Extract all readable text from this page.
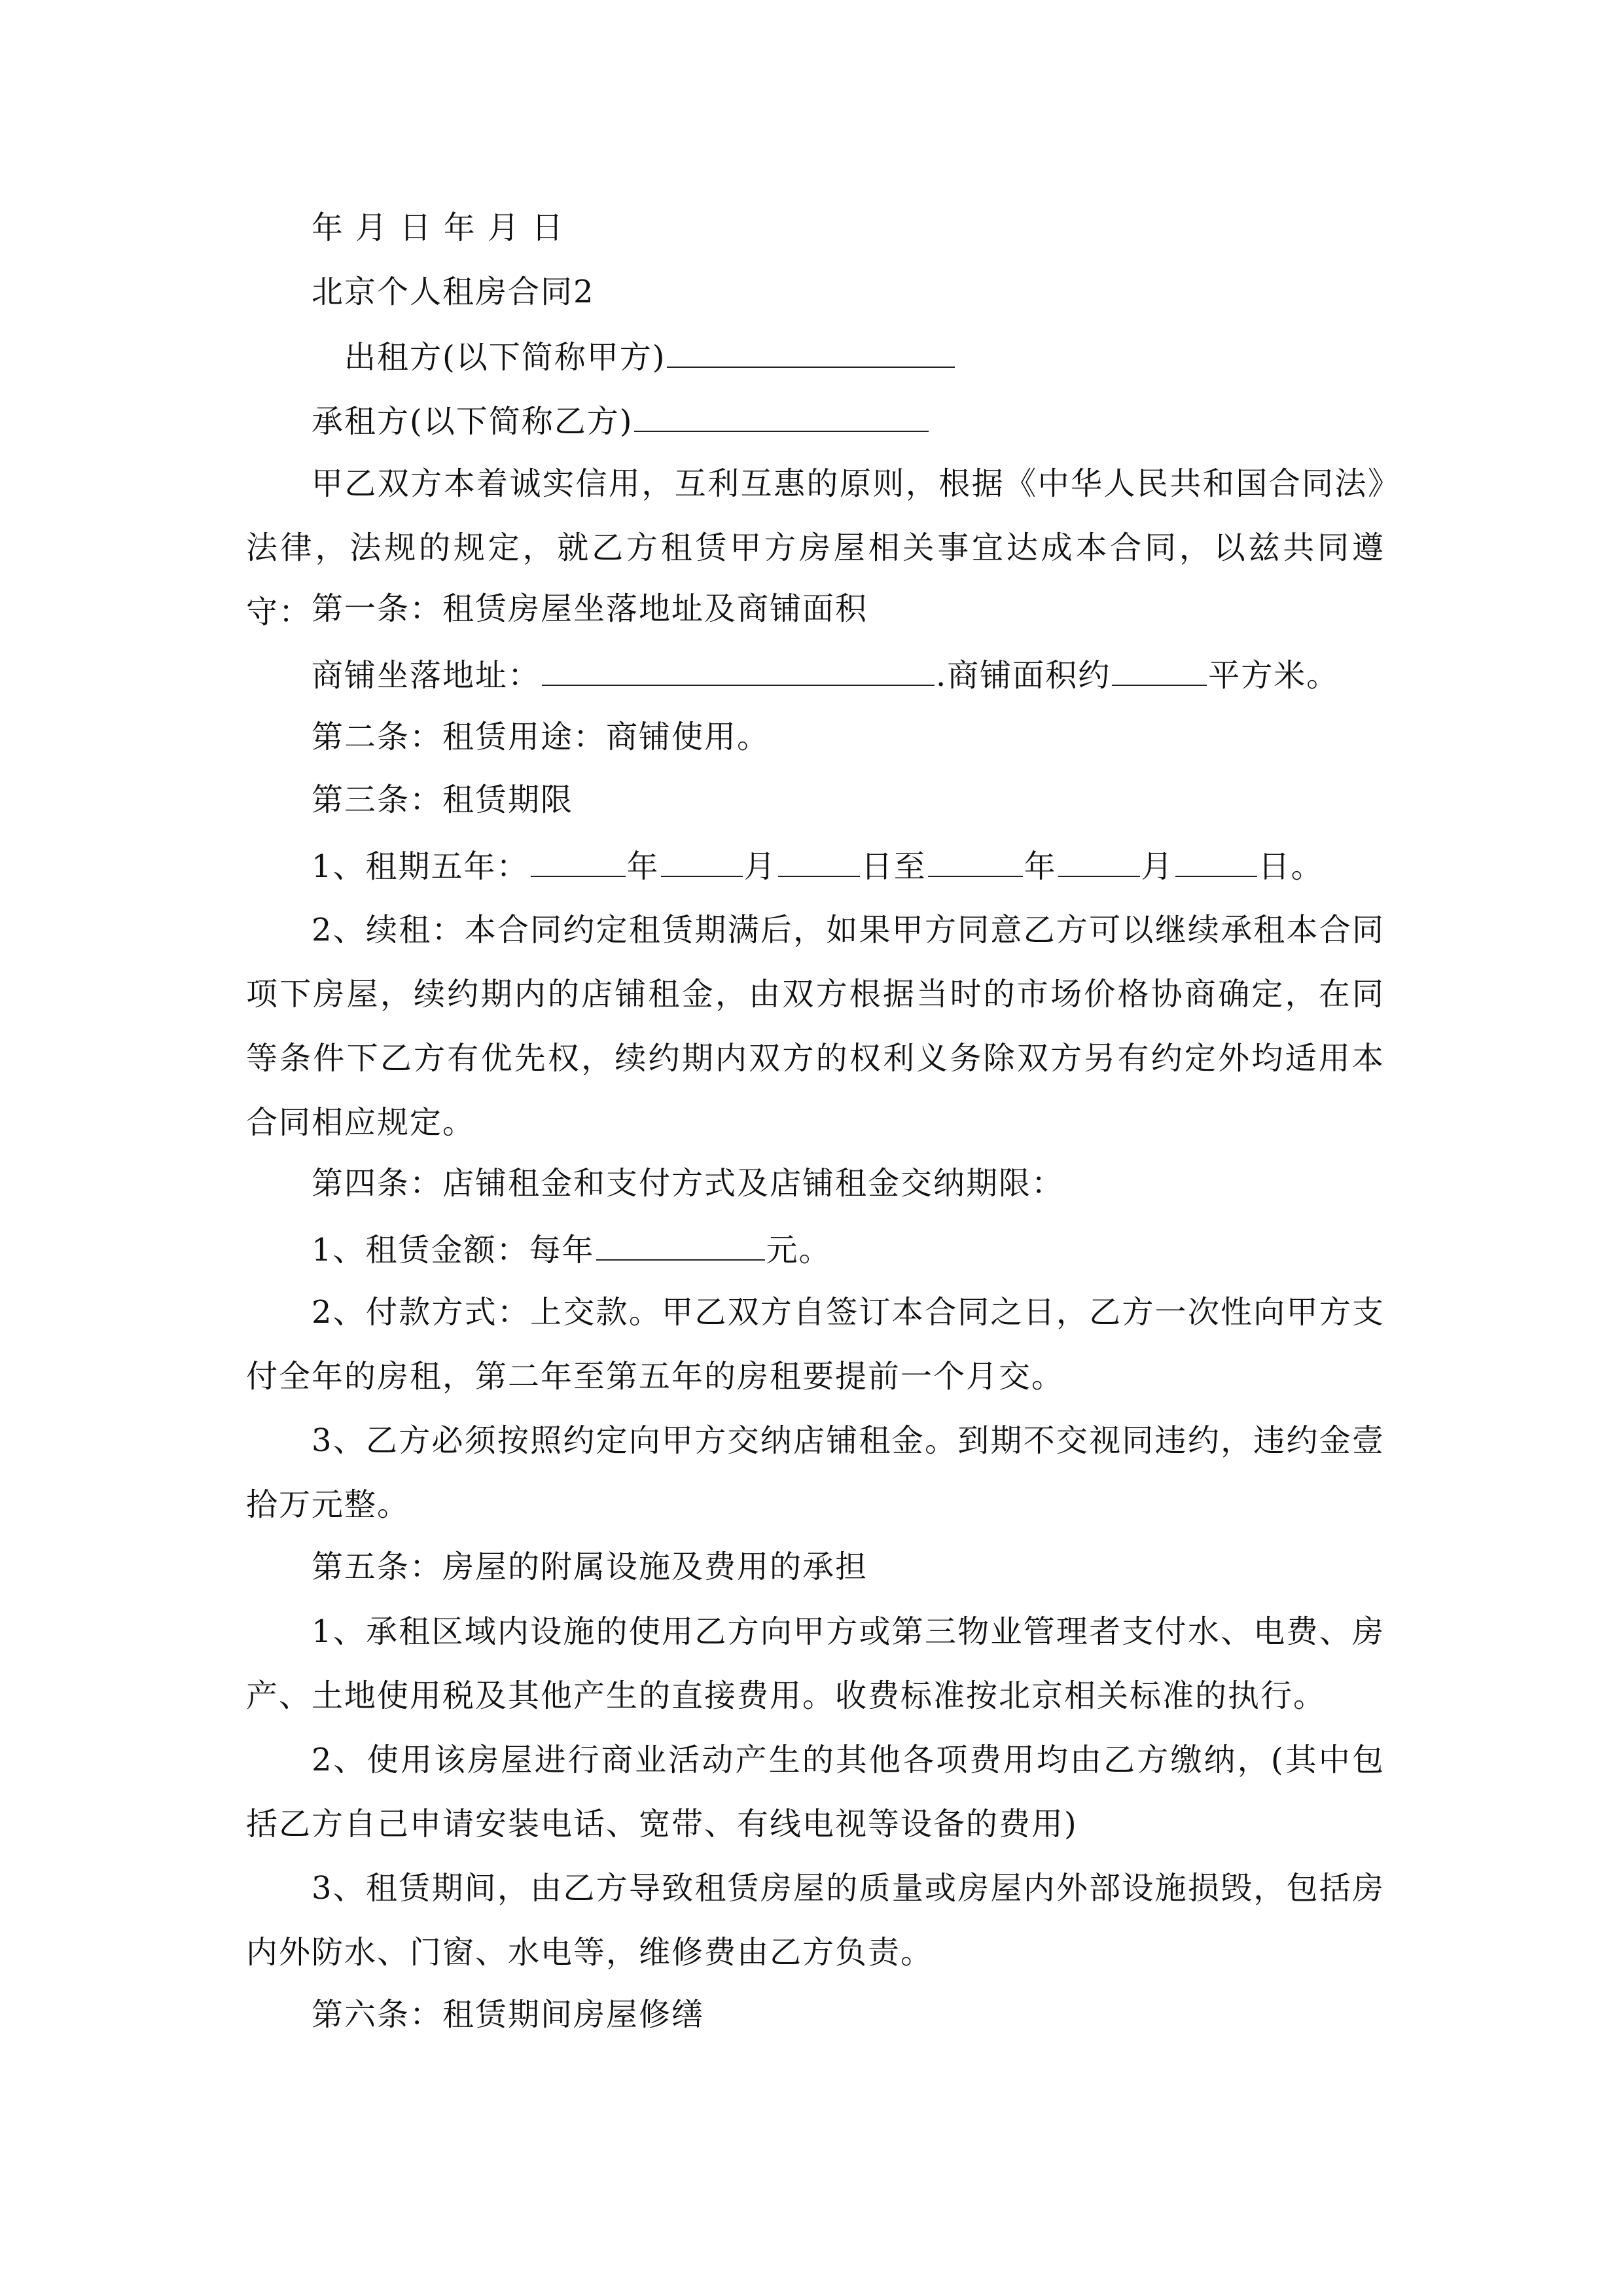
年 月 日 年 月 日
北京个人租房合同2
出租方(以下简称甲方)
承租方(以下简称乙方)
甲乙双方本着诚实信用，互利互惠的原则，根据《中华人民共和国合同法》法律，法规的规定，就乙方租赁甲方房屋相关事宜达成本合同，以兹共同遵守： 第一条：租赁房屋坐落地址及商铺面积
商铺坐落地址：	.商铺面积约	平方米。
第二条：租赁用途：商铺使用。
第三条：租赁期限
1、租期五年：	年	月	日至	年	月	日。
2、续租：本合同约定租赁期满后，如果甲方同意乙方可以继续承租本合同项下房屋，续约期内的店铺租金，由双方根据当时的市场价格协商确定，在同等条件下乙方有优先权，续约期内双方的权利义务除双方另有约定外均适用本合同相应规定。
第四条：店铺租金和支付方式及店铺租金交纳期限：
1、租赁金额：每年	元。
2、付款方式：上交款。甲乙双方自签订本合同之日，乙方一次性向甲方支付全年的房租，第二年至第五年的房租要提前一个月交。
3、乙方必须按照约定向甲方交纳店铺租金。到期不交视同违约，违约金壹拾万元整。
第五条：房屋的附属设施及费用的承担
1、承租区域内设施的使用乙方向甲方或第三物业管理者支付水、电费、房产、土地使用税及其他产生的直接费用。收费标准按北京相关标准的执行。
2、使用该房屋进行商业活动产生的其他各项费用均由乙方缴纳，(其中包括乙方自己申请安装电话、宽带、有线电视等设备的费用)
3、租赁期间，由乙方导致租赁房屋的质量或房屋内外部设施损毁，包括房内外防水、门窗、水电等，维修费由乙方负责。
第六条：租赁期间房屋修缮
